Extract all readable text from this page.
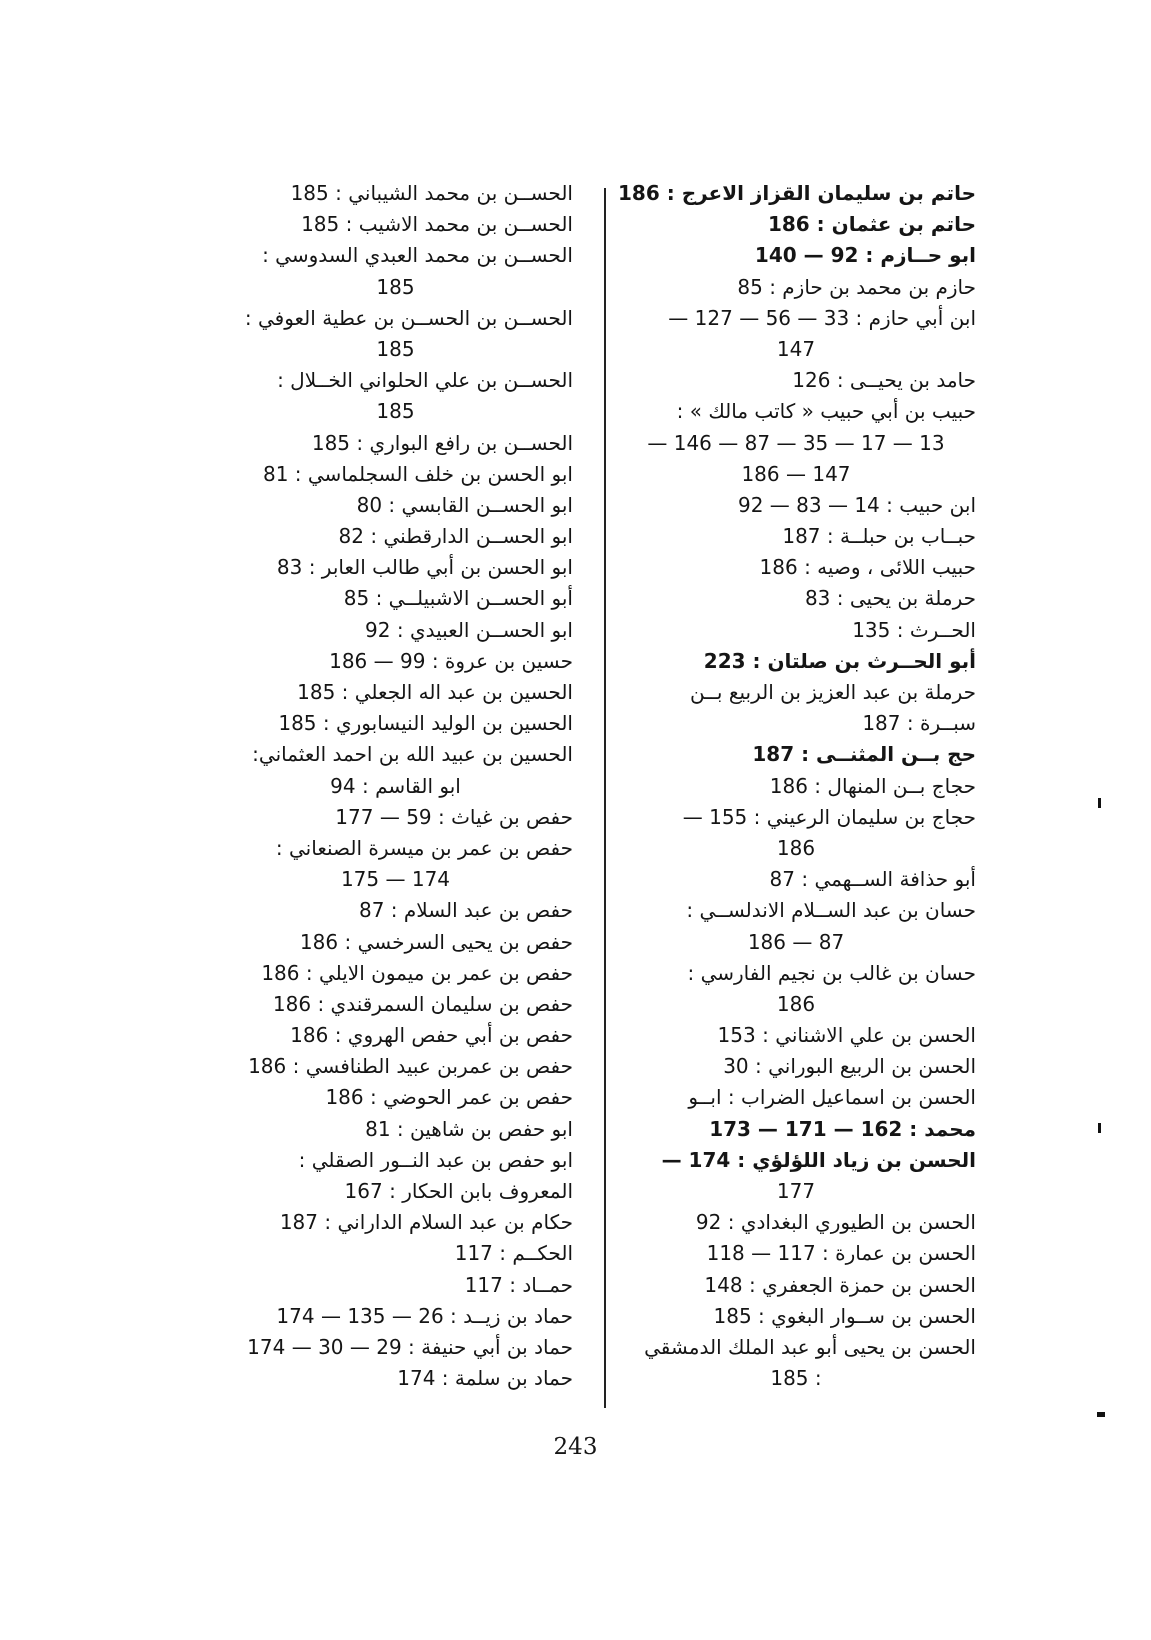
حاتم بن سليمان القزاز الاعرج : 186
حاتم بن عثمان : 186
ابو حــازم : 92 — 140
حازم بن محمد بن حازم : 85
ابن أبي حازم : 33 — 56 — 127 —
147
حامد بن يحيــى : 126
حبيب بن أبي حبيب « كاتب مالك » :
13 — 17 — 35 — 87 — 146 —
147 — 186
ابن حبيب : 14 — 83 — 92
حبــاب بن حبلــة : 187
حبيب اللائى ، وصيه : 186
حرملة بن يحيى : 83
الحــرث : 135
أبو الحــرث بن صلتان : 223
حرملة بن عبد العزيز بن الربيع بــن
سبــرة : 187
حج بــن المثنــى : 187
حجاج بــن المنهال : 186
حجاج بن سليمان الرعيني : 155 —
186
أبو حذافة الســهمي : 87
حسان بن عبد الســلام الاندلســي :
87 — 186
حسان بن غالب بن نجيم الفارسي :
186
الحسن بن علي الاشناني : 153
الحسن بن الربيع البوراني : 30
الحسن بن اسماعيل الضراب : ابــو
محمد : 162 — 171 — 173
الحسن بن زياد اللؤلؤي : 174 —
177
الحسن بن الطيوري البغدادي : 92
الحسن بن عمارة : 117 — 118
الحسن بن حمزة الجعفري : 148
الحسن بن ســوار البغوي : 185
الحسن بن يحيى أبو عبد الملك الدمشقي
: 185
الحســن بن محمد الشيباني : 185
الحســن بن محمد الاشيب : 185
الحســن بن محمد العبدي السدوسي :
185
الحســن بن الحســن بن عطية العوفي :
185
الحســن بن علي الحلواني الخــلال :
185
الحســن بن رافع البواري : 185
ابو الحسن بن خلف السجلماسي : 81
ابو الحســن القابسي : 80
ابو الحســن الدارقطني : 82
ابو الحسن بن أبي طالب العابر : 83
أبو الحســن الاشبيلــي : 85
ابو الحســن العبيدي : 92
حسين بن عروة : 99 — 186
الحسين بن عبد اله الجعلي : 185
الحسين بن الوليد النيسابوري : 185
الحسين بن عبيد الله بن احمد العثماني:
ابو القاسم : 94
حفص بن غياث : 59 — 177
حفص بن عمر بن ميسرة الصنعاني :
174 — 175
حفص بن عبد السلام : 87
حفص بن يحيى السرخسي : 186
حفص بن عمر بن ميمون الايلي : 186
حفص بن سليمان السمرقندي : 186
حفص بن أبي حفص الهروي : 186
حفص بن عمربن عبيد الطنافسي : 186
حفص بن عمر الحوضي : 186
ابو حفص بن شاهين : 81
ابو حفص بن عبد النــور الصقلي :
المعروف بابن الحكار : 167
حكام بن عبد السلام الداراني : 187
الحكــم : 117
حمــاد : 117
حماد بن زيــد : 26 — 135 — 174
حماد بن أبي حنيفة : 29 — 30 — 174
حماد بن سلمة : 174
243
